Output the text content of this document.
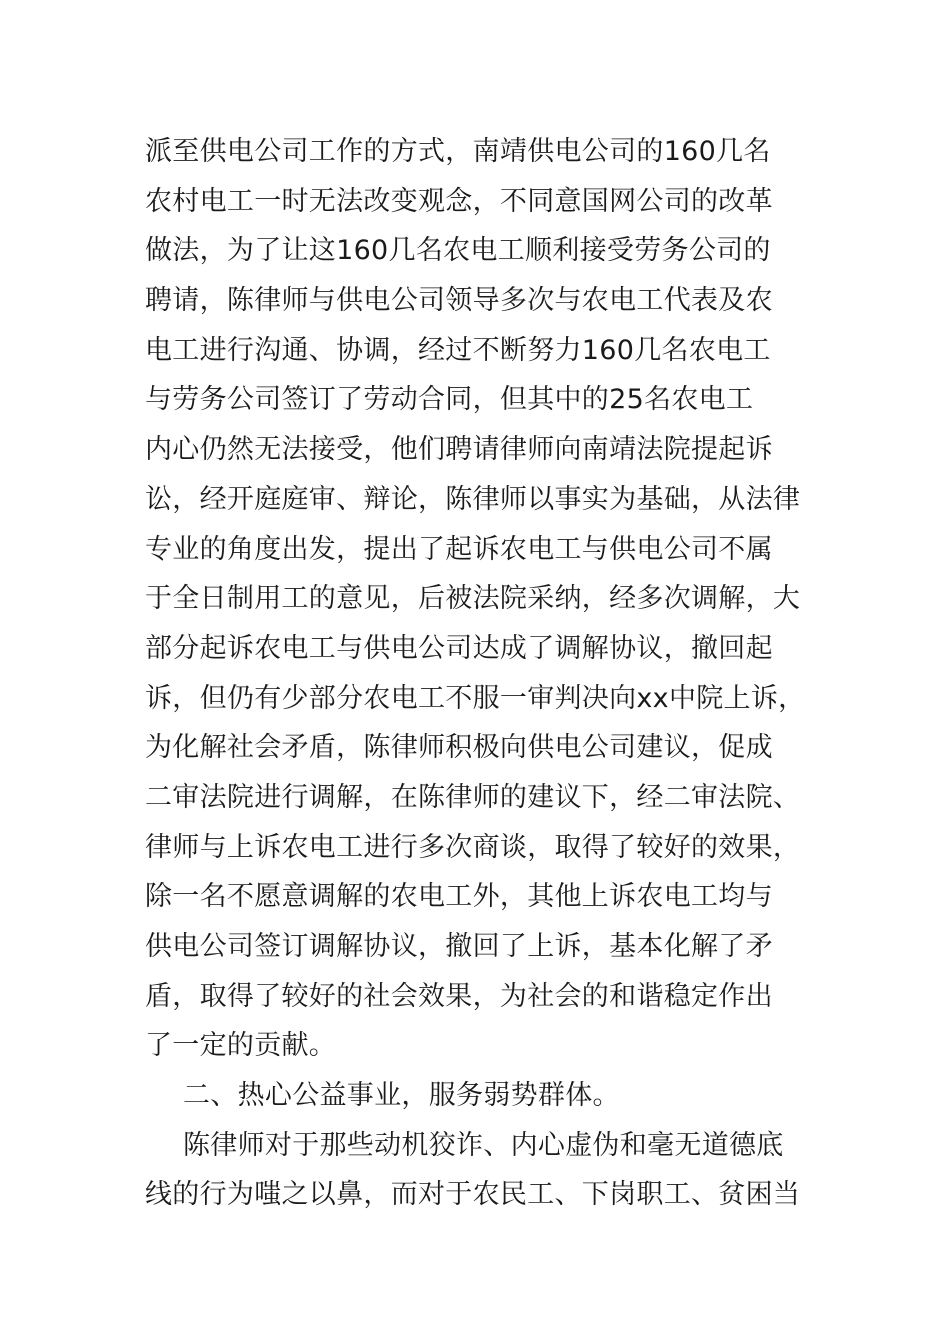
派至供电公司工作的方式，南靖供电公司的160几名
农村电工一时无法改变观念，不同意国网公司的改革
做法，为了让这160几名农电工顺利接受劳务公司的
聘请，陈律师与供电公司领导多次与农电工代表及农
电工进行沟通、协调，经过不断努力160几名农电工
与劳务公司签订了劳动合同，但其中的25名农电工
内心仍然无法接受，他们聘请律师向南靖法院提起诉
讼，经开庭庭审、辩论，陈律师以事实为基础，从法律
专业的角度出发，提出了起诉农电工与供电公司不属
于全日制用工的意见，后被法院采纳，经多次调解，大
部分起诉农电工与供电公司达成了调解协议，撤回起
诉，但仍有少部分农电工不服一审判决向xx中院上诉，
为化解社会矛盾，陈律师积极向供电公司建议，促成
二审法院进行调解，在陈律师的建议下，经二审法院、
律师与上诉农电工进行多次商谈，取得了较好的效果，
除一名不愿意调解的农电工外，其他上诉农电工均与
供电公司签订调解协议，撤回了上诉，基本化解了矛
盾，取得了较好的社会效果，为社会的和谐稳定作出
了一定的贡献。
二、热心公益事业，服务弱势群体。
陈律师对于那些动机狡诈、内心虚伪和毫无道德底
线的行为嗤之以鼻，而对于农民工、下岗职工、贫困当
